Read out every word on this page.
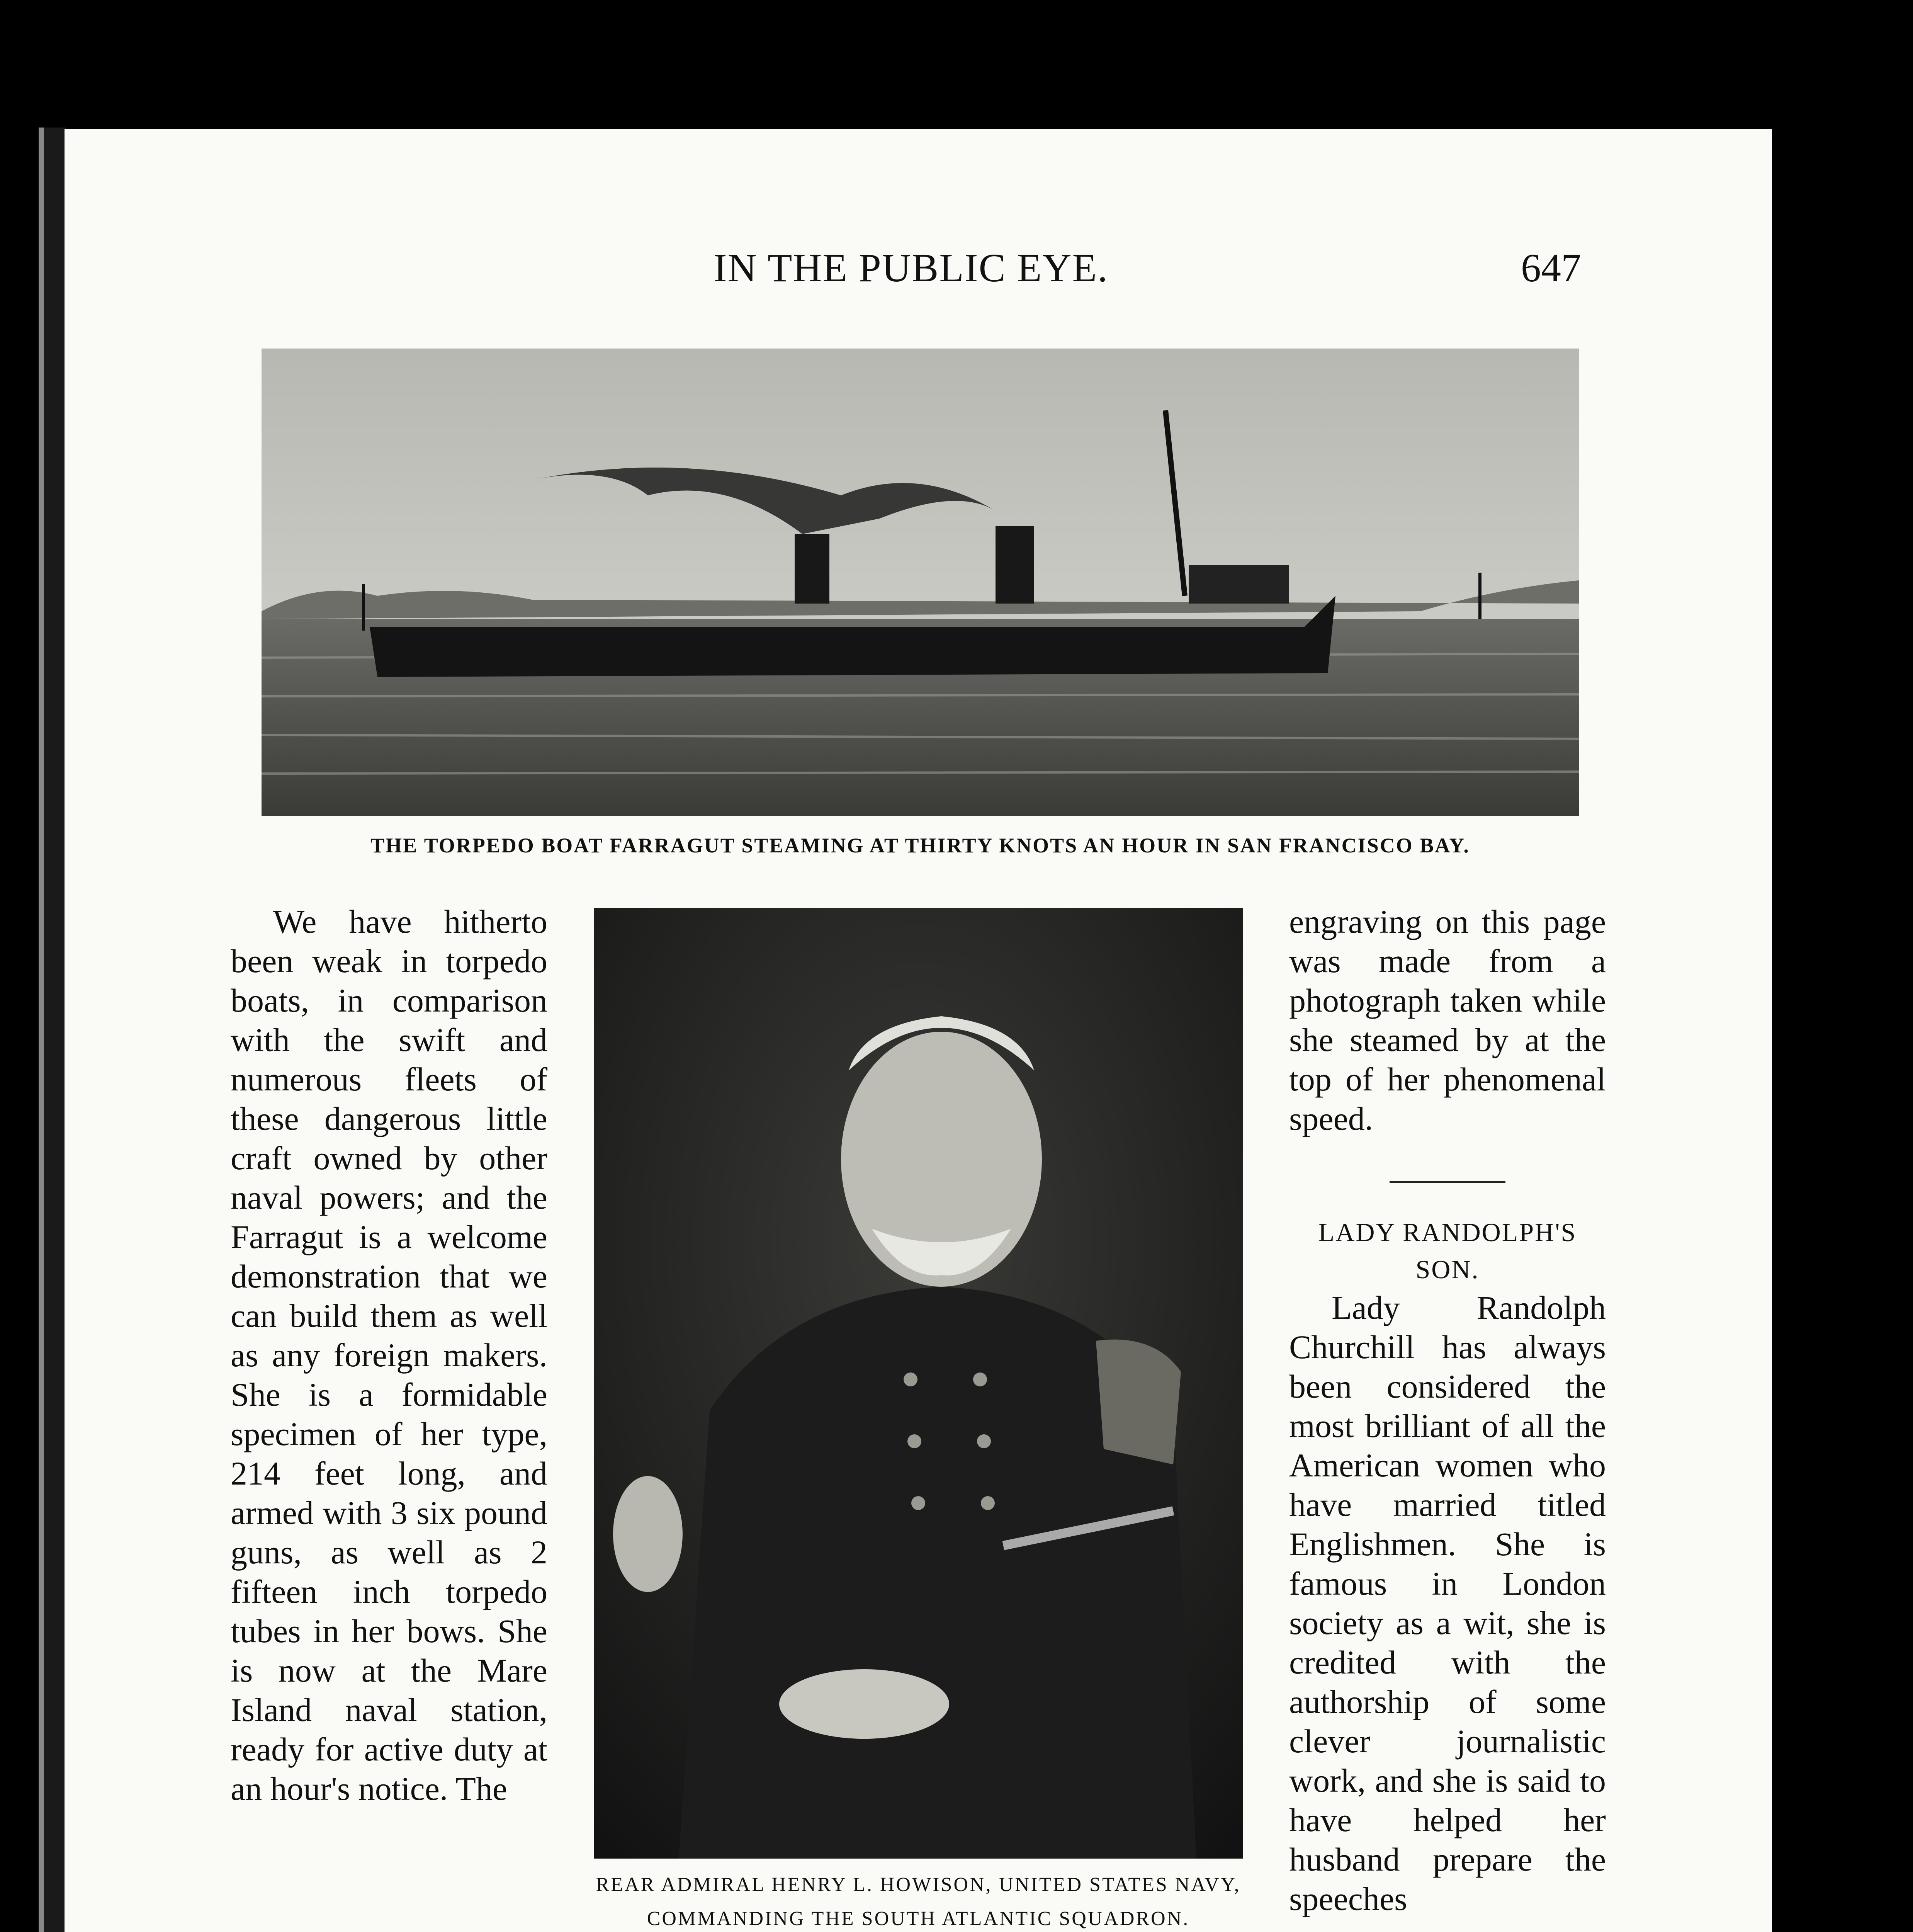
IN THE PUBLIC EYE.	647
THE TORPEDO BOAT FARRAGUT STEAMING AT THIRTY KNOTS AN HOUR IN SAN FRANCISCO BAY.

We have hitherto been weak in torpedo boats, in comparison with the swift and numerous fleets of these dangerous little craft owned by other naval powers; and the Farragut is a welcome demonstration that we can build them as well as any foreign makers. She is a formidable specimen of her type, 214 feet long, and armed with 3 six pound guns, as well as 2 fifteen inch torpedo tubes in her bows. She is now at the Mare Island naval station, ready for active duty at an hour's notice. The

REAR ADMIRAL HENRY L. HOWISON, UNITED STATES NAVY, COMMANDING THE SOUTH ATLANTIC SQUADRON.
engraving on this page was made from a photograph taken while she steamed by at the top of her phenomenal speed.
LADY RANDOLPH'S SON.

Lady Randolph Churchill has always been considered the most brilliant of all the American women who have married titled Englishmen. She is famous in London society as a wit, she is credited with the authorship of some clever journalistic work, and she is said to have helped her husband prepare the speeches
